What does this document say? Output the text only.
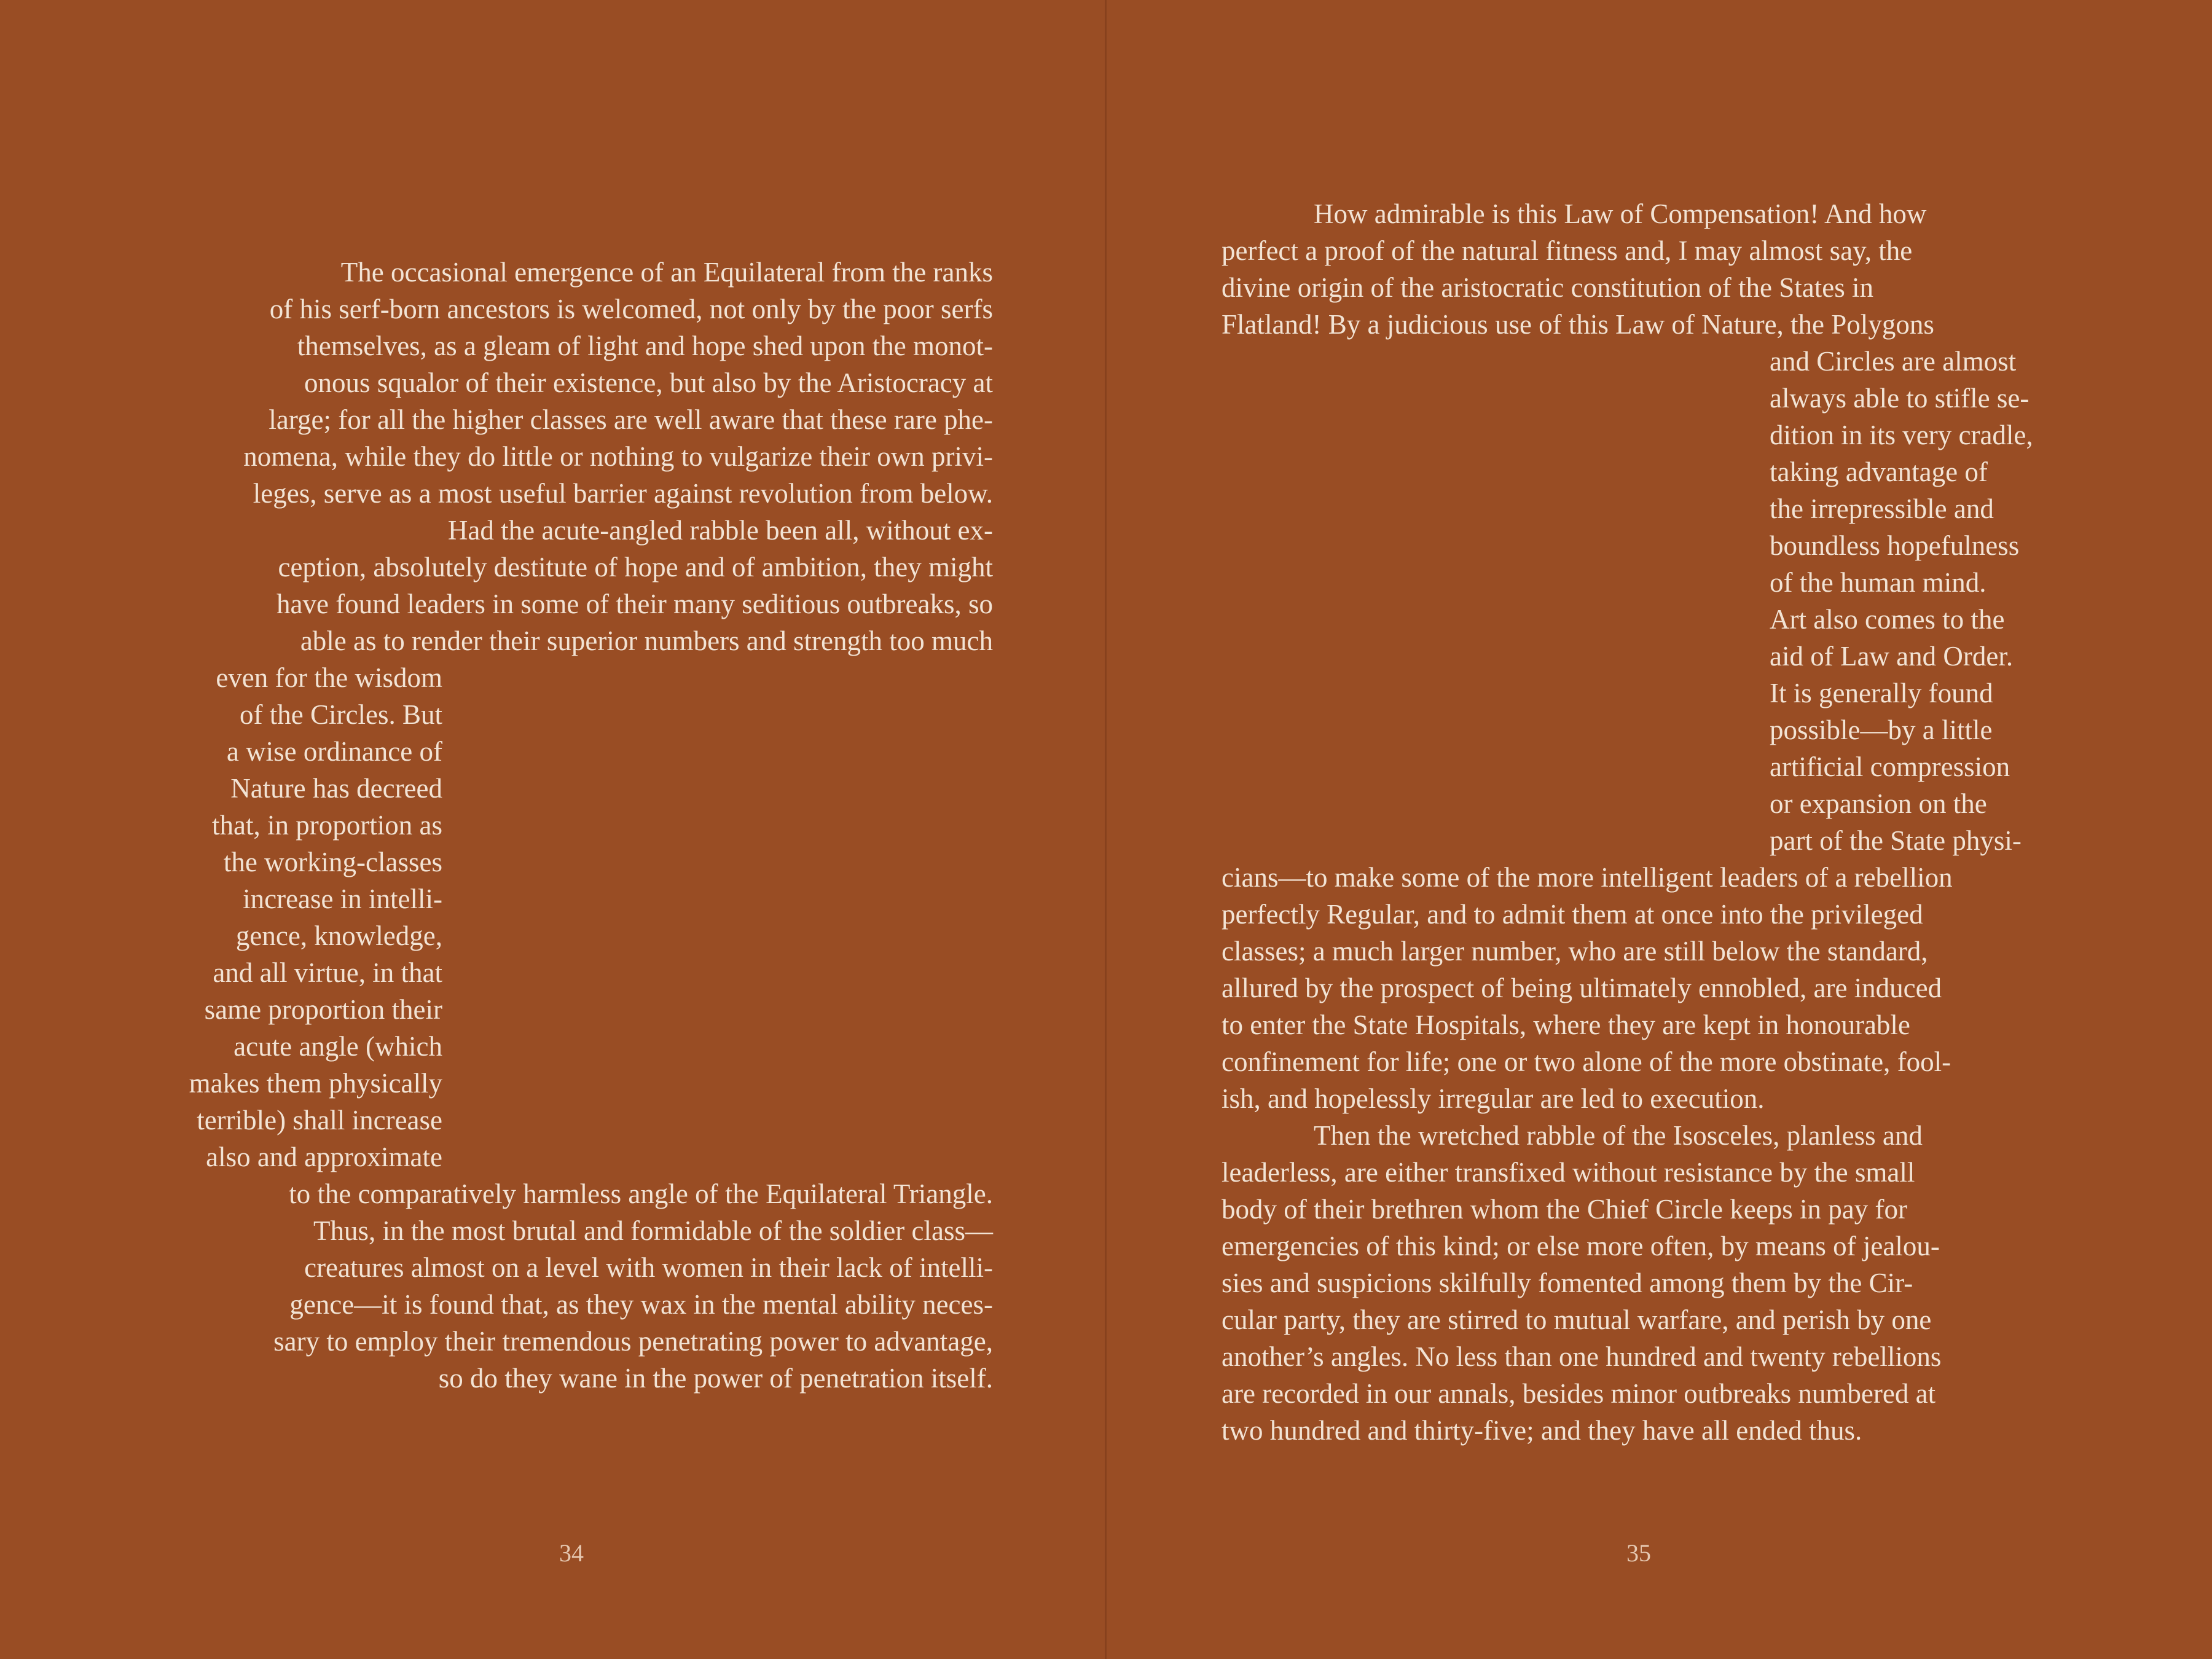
The occasional emergence of an Equilateral from the ranks
of his serf-born ancestors is welcomed, not only by the poor serfs
themselves, as a gleam of light and hope shed upon the monot-
onous squalor of their existence, but also by the Aristocracy at
large; for all the higher classes are well aware that these rare phe-
nomena, while they do little or nothing to vulgarize their own privi-
leges, serve as a most useful barrier against revolution from below.
Had the acute-angled rabble been all, without ex-
ception, absolutely destitute of hope and of ambition, they might
have found leaders in some of their many seditious outbreaks, so
able as to render their superior numbers and strength too much
even for the wisdom
of the Circles. But
a wise ordinance of
Nature has decreed
that, in proportion as
the working-classes
increase in intelli-
gence, knowledge,
and all virtue, in that
same proportion their
acute angle (which
makes them physically
terrible) shall increase
also and approximate
to the comparatively harmless angle of the Equilateral Triangle.
Thus, in the most brutal and formidable of the soldier class—
creatures almost on a level with women in their lack of intelli-
gence—it is found that, as they wax in the mental ability neces-
sary to employ their tremendous penetrating power to advantage,
so do they wane in the power of penetration itself.
34
How admirable is this Law of Compensation! And how
perfect a proof of the natural fitness and, I may almost say, the
divine origin of the aristocratic constitution of the States in
Flatland! By a judicious use of this Law of Nature, the Polygons
and Circles are almost
always able to stifle se-
dition in its very cradle,
taking advantage of
the irrepressible and
boundless hopefulness
of the human mind.
Art also comes to the
aid of Law and Order.
It is generally found
possible—by a little
artificial compression
or expansion on the
part of the State physi-
cians—to make some of the more intelligent leaders of a rebellion
perfectly Regular, and to admit them at once into the privileged
classes; a much larger number, who are still below the standard,
allured by the prospect of being ultimately ennobled, are induced
to enter the State Hospitals, where they are kept in honourable
confinement for life; one or two alone of the more obstinate, fool-
ish, and hopelessly irregular are led to execution.
Then the wretched rabble of the Isosceles, planless and
leaderless, are either transfixed without resistance by the small
body of their brethren whom the Chief Circle keeps in pay for
emergencies of this kind; or else more often, by means of jealou-
sies and suspicions skilfully fomented among them by the Cir-
cular party, they are stirred to mutual warfare, and perish by one
another’s angles. No less than one hundred and twenty rebellions
are recorded in our annals, besides minor outbreaks numbered at
two hundred and thirty-five; and they have all ended thus.
35
